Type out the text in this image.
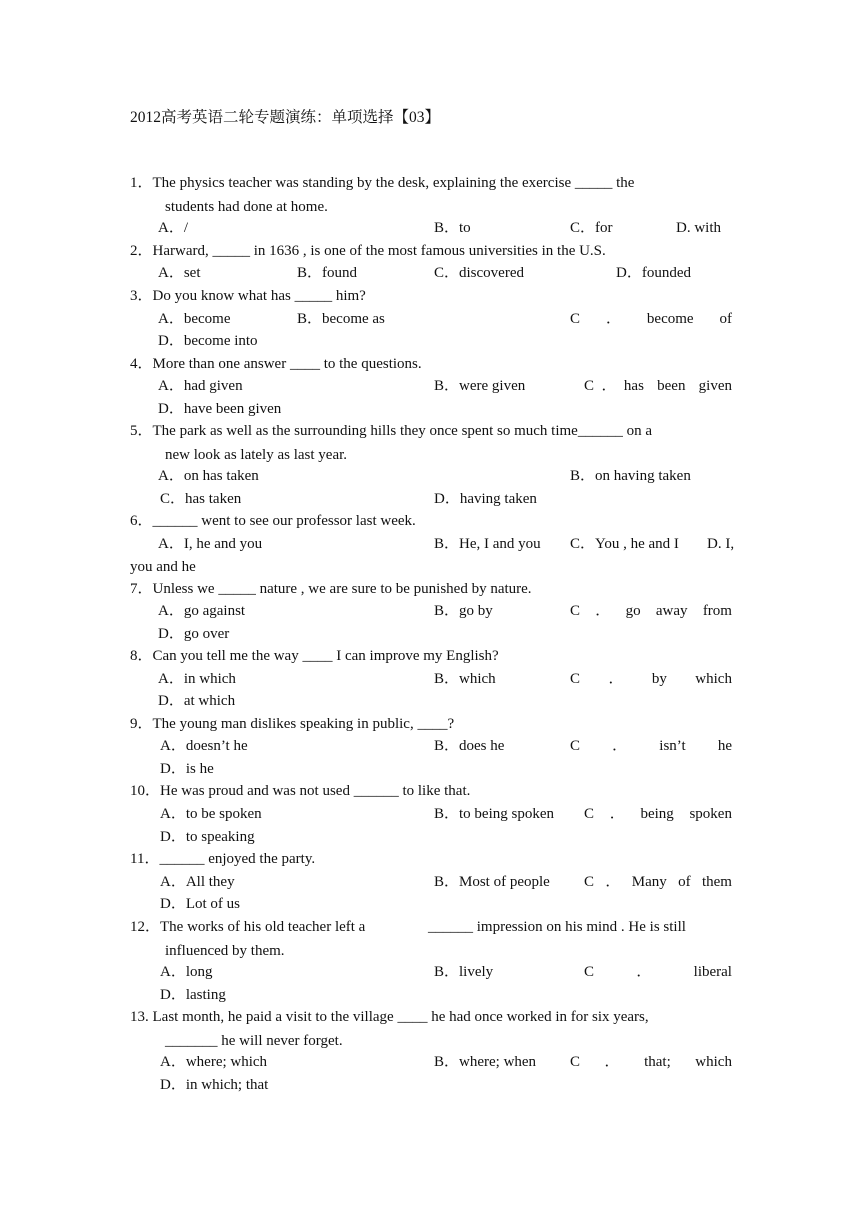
2012高考英语二轮专题演练：单项选择【03】
1．The physics teacher was standing by the desk, explaining the exercise _____ the
students had done at home.
A．/	B．to	C．for	D. with
2．Harward, _____ in 1636 , is one of the most famous universities in the U.S.
A．set	B．found	C．discovered	D．founded
3．Do you know what has _____ him?
A．become	B．become as	C ． become of
D．become into
4．More than one answer ____ to the questions.
A．had given	B．were given	C．has been given
D．have been given
5．The park as well as the surrounding hills they once spent so much time______ on a
new look as lately as last year.
A．on has taken	B．on having taken
C．has taken	D．having taken
6．______ went to see our professor last week.
A．I, he and you	B．He, I and you C．You , he and I D. I,
you and he
7．Unless we _____ nature , we are sure to be punished by nature.
A．go against	B．go by	C ． go away from
D．go over
8．Can you tell me the way ____ I can improve my English?
A．in which	B．which	C ． by which
D．at which
9．The young man dislikes speaking in public, ____?
A．doesn’t he	B．does he	C ． isn’t he
D．is he
10．He was proud and was not used ______ to like that.
A．to be spoken	B．to being spoken C ． being spoken
D．to speaking
11．______ enjoyed the party.
A．All they	B．Most of people C ． Many of them
D．Lot of us
12．The works of his old teacher left a	______ impression on his mind . He is still
influenced by them.
A．long	B．lively	C	．	liberal
D．lasting
13. Last month, he paid a visit to the village ____ he had once worked in for six years,
_______ he will never forget.
A．where; which	B．where; when C ． that; which
D．in which; that
